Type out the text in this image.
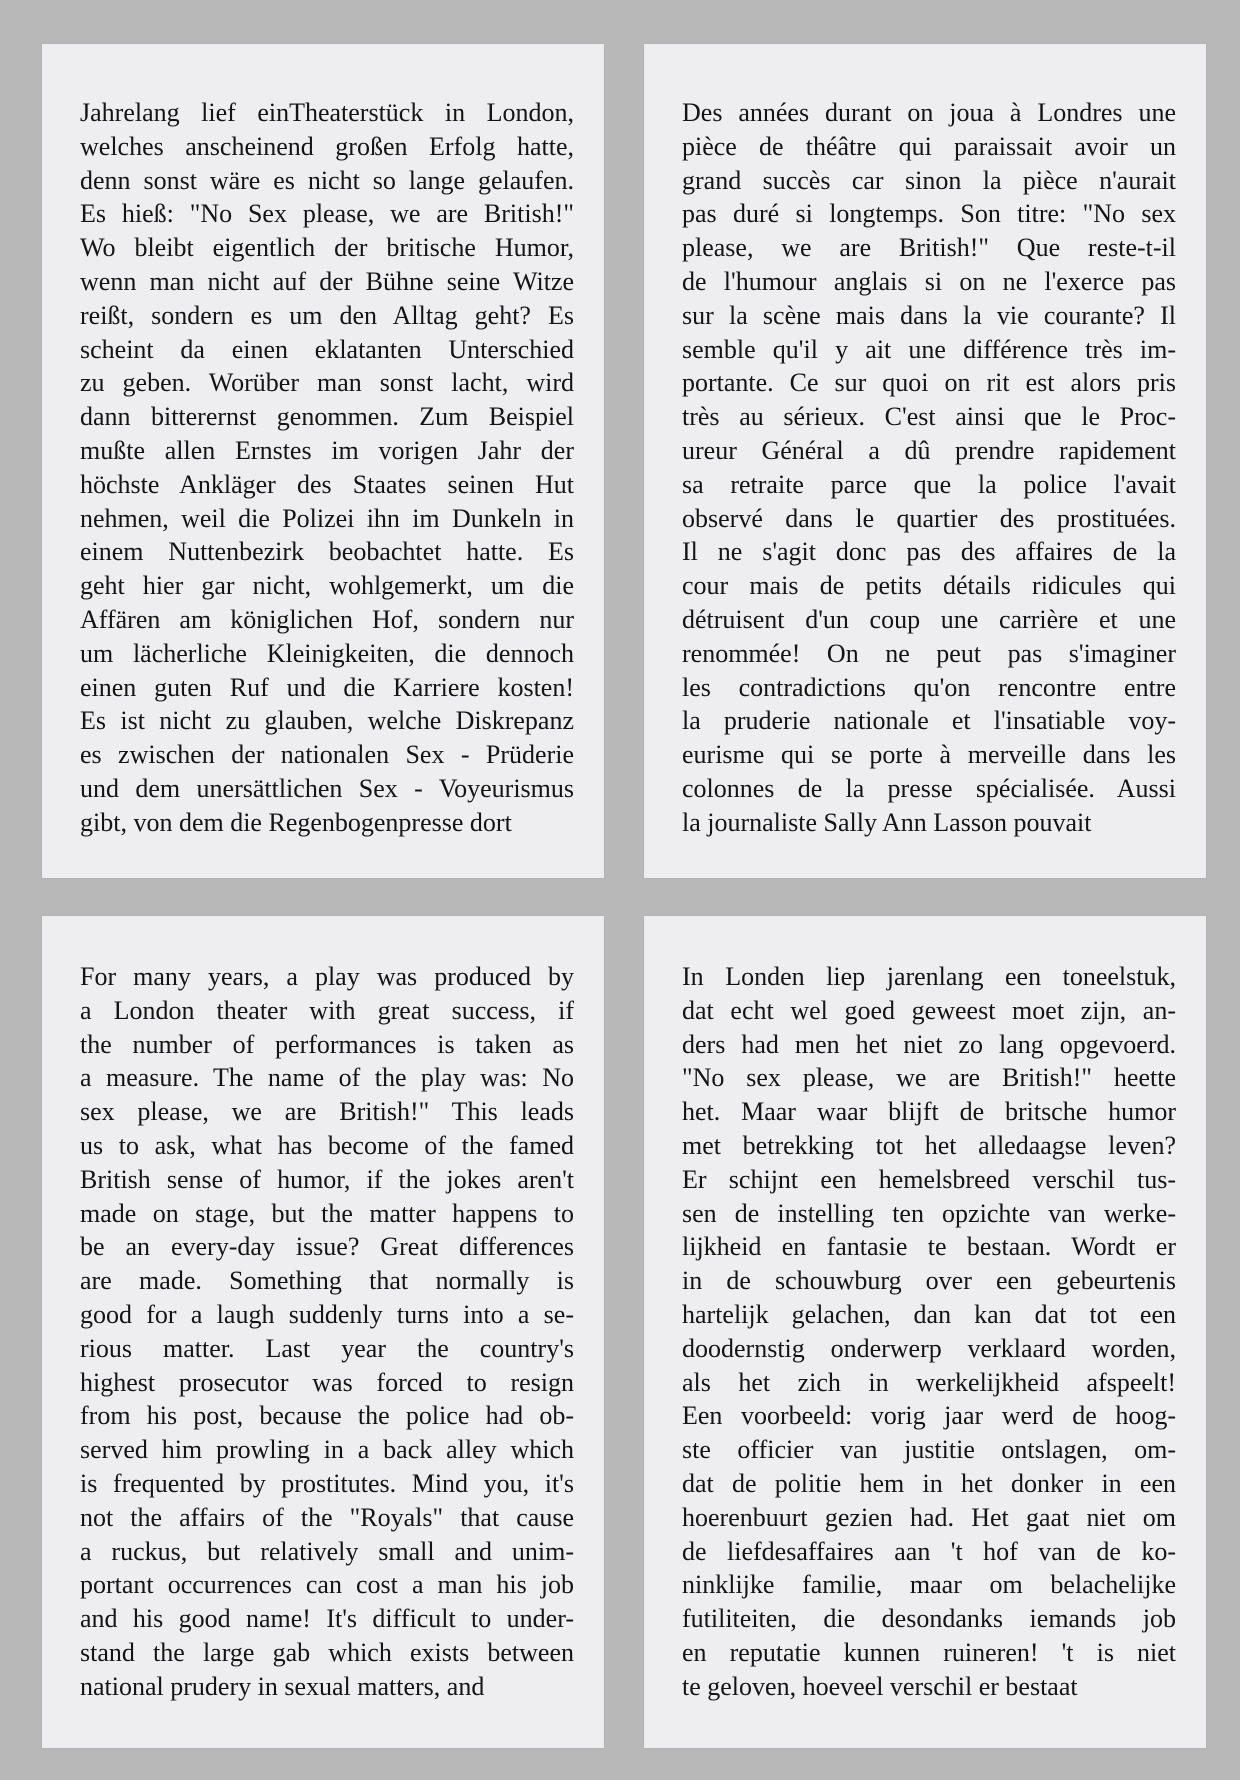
Jahrelang lief einTheaterstück in London,
welches anscheinend großen Erfolg hatte,
denn sonst wäre es nicht so lange gelaufen.
Es hieß: "No Sex please, we are British!"
Wo bleibt eigentlich der britische Humor,
wenn man nicht auf der Bühne seine Witze
reißt, sondern es um den Alltag geht? Es
scheint da einen eklatanten Unterschied
zu geben. Worüber man sonst lacht, wird
dann bitterernst genommen. Zum Beispiel
mußte allen Ernstes im vorigen Jahr der
höchste Ankläger des Staates seinen Hut
nehmen, weil die Polizei ihn im Dunkeln in
einem Nuttenbezirk beobachtet hatte. Es
geht hier gar nicht, wohlgemerkt, um die
Affären am königlichen Hof, sondern nur
um lächerliche Kleinigkeiten, die dennoch
einen guten Ruf und die Karriere kosten!
Es ist nicht zu glauben, welche Diskrepanz
es zwischen der nationalen Sex - Prüderie
und dem unersättlichen Sex - Voyeurismus
gibt, von dem die Regenbogenpresse dort
Des années durant on joua à Londres une
pièce de théâtre qui paraissait avoir un
grand succès car sinon la pièce n'aurait
pas duré si longtemps. Son titre: "No sex
please, we are British!" Que reste-t-il
de l'humour anglais si on ne l'exerce pas
sur la scène mais dans la vie courante? Il
semble qu'il y ait une différence très im-
portante. Ce sur quoi on rit est alors pris
très au sérieux. C'est ainsi que le Proc-
ureur Général a dû prendre rapidement
sa retraite parce que la police l'avait
observé dans le quartier des prostituées.
Il ne s'agit donc pas des affaires de la
cour mais de petits détails ridicules qui
détruisent d'un coup une carrière et une
renommée! On ne peut pas s'imaginer
les contradictions qu'on rencontre entre
la pruderie nationale et l'insatiable voy-
eurisme qui se porte à merveille dans les
colonnes de la presse spécialisée. Aussi
la journaliste Sally Ann Lasson pouvait
For many years, a play was produced by
a London theater with great success, if
the number of performances is taken as
a measure. The name of the play was: No
sex please, we are British!" This leads
us to ask, what has become of the famed
British sense of humor, if the jokes aren't
made on stage, but the matter happens to
be an every-day issue? Great differences
are made. Something that normally is
good for a laugh suddenly turns into a se-
rious matter. Last year the country's
highest prosecutor was forced to resign
from his post, because the police had ob-
served him prowling in a back alley which
is frequented by prostitutes. Mind you, it's
not the affairs of the "Royals" that cause
a ruckus, but relatively small and unim-
portant occurrences can cost a man his job
and his good name! It's difficult to under-
stand the large gab which exists between
national prudery in sexual matters, and
In Londen liep jarenlang een toneelstuk,
dat echt wel goed geweest moet zijn, an-
ders had men het niet zo lang opgevoerd.
"No sex please, we are British!" heette
het. Maar waar blijft de britsche humor
met betrekking tot het alledaagse leven?
Er schijnt een hemelsbreed verschil tus-
sen de instelling ten opzichte van werke-
lijkheid en fantasie te bestaan. Wordt er
in de schouwburg over een gebeurtenis
hartelijk gelachen, dan kan dat tot een
doodernstig onderwerp verklaard worden,
als het zich in werkelijkheid afspeelt!
Een voorbeeld: vorig jaar werd de hoog-
ste officier van justitie ontslagen, om-
dat de politie hem in het donker in een
hoerenbuurt gezien had. Het gaat niet om
de liefdesaffaires aan 't hof van de ko-
ninklijke familie, maar om belachelijke
futiliteiten, die desondanks iemands job
en reputatie kunnen ruineren! 't is niet
te geloven, hoeveel verschil er bestaat
